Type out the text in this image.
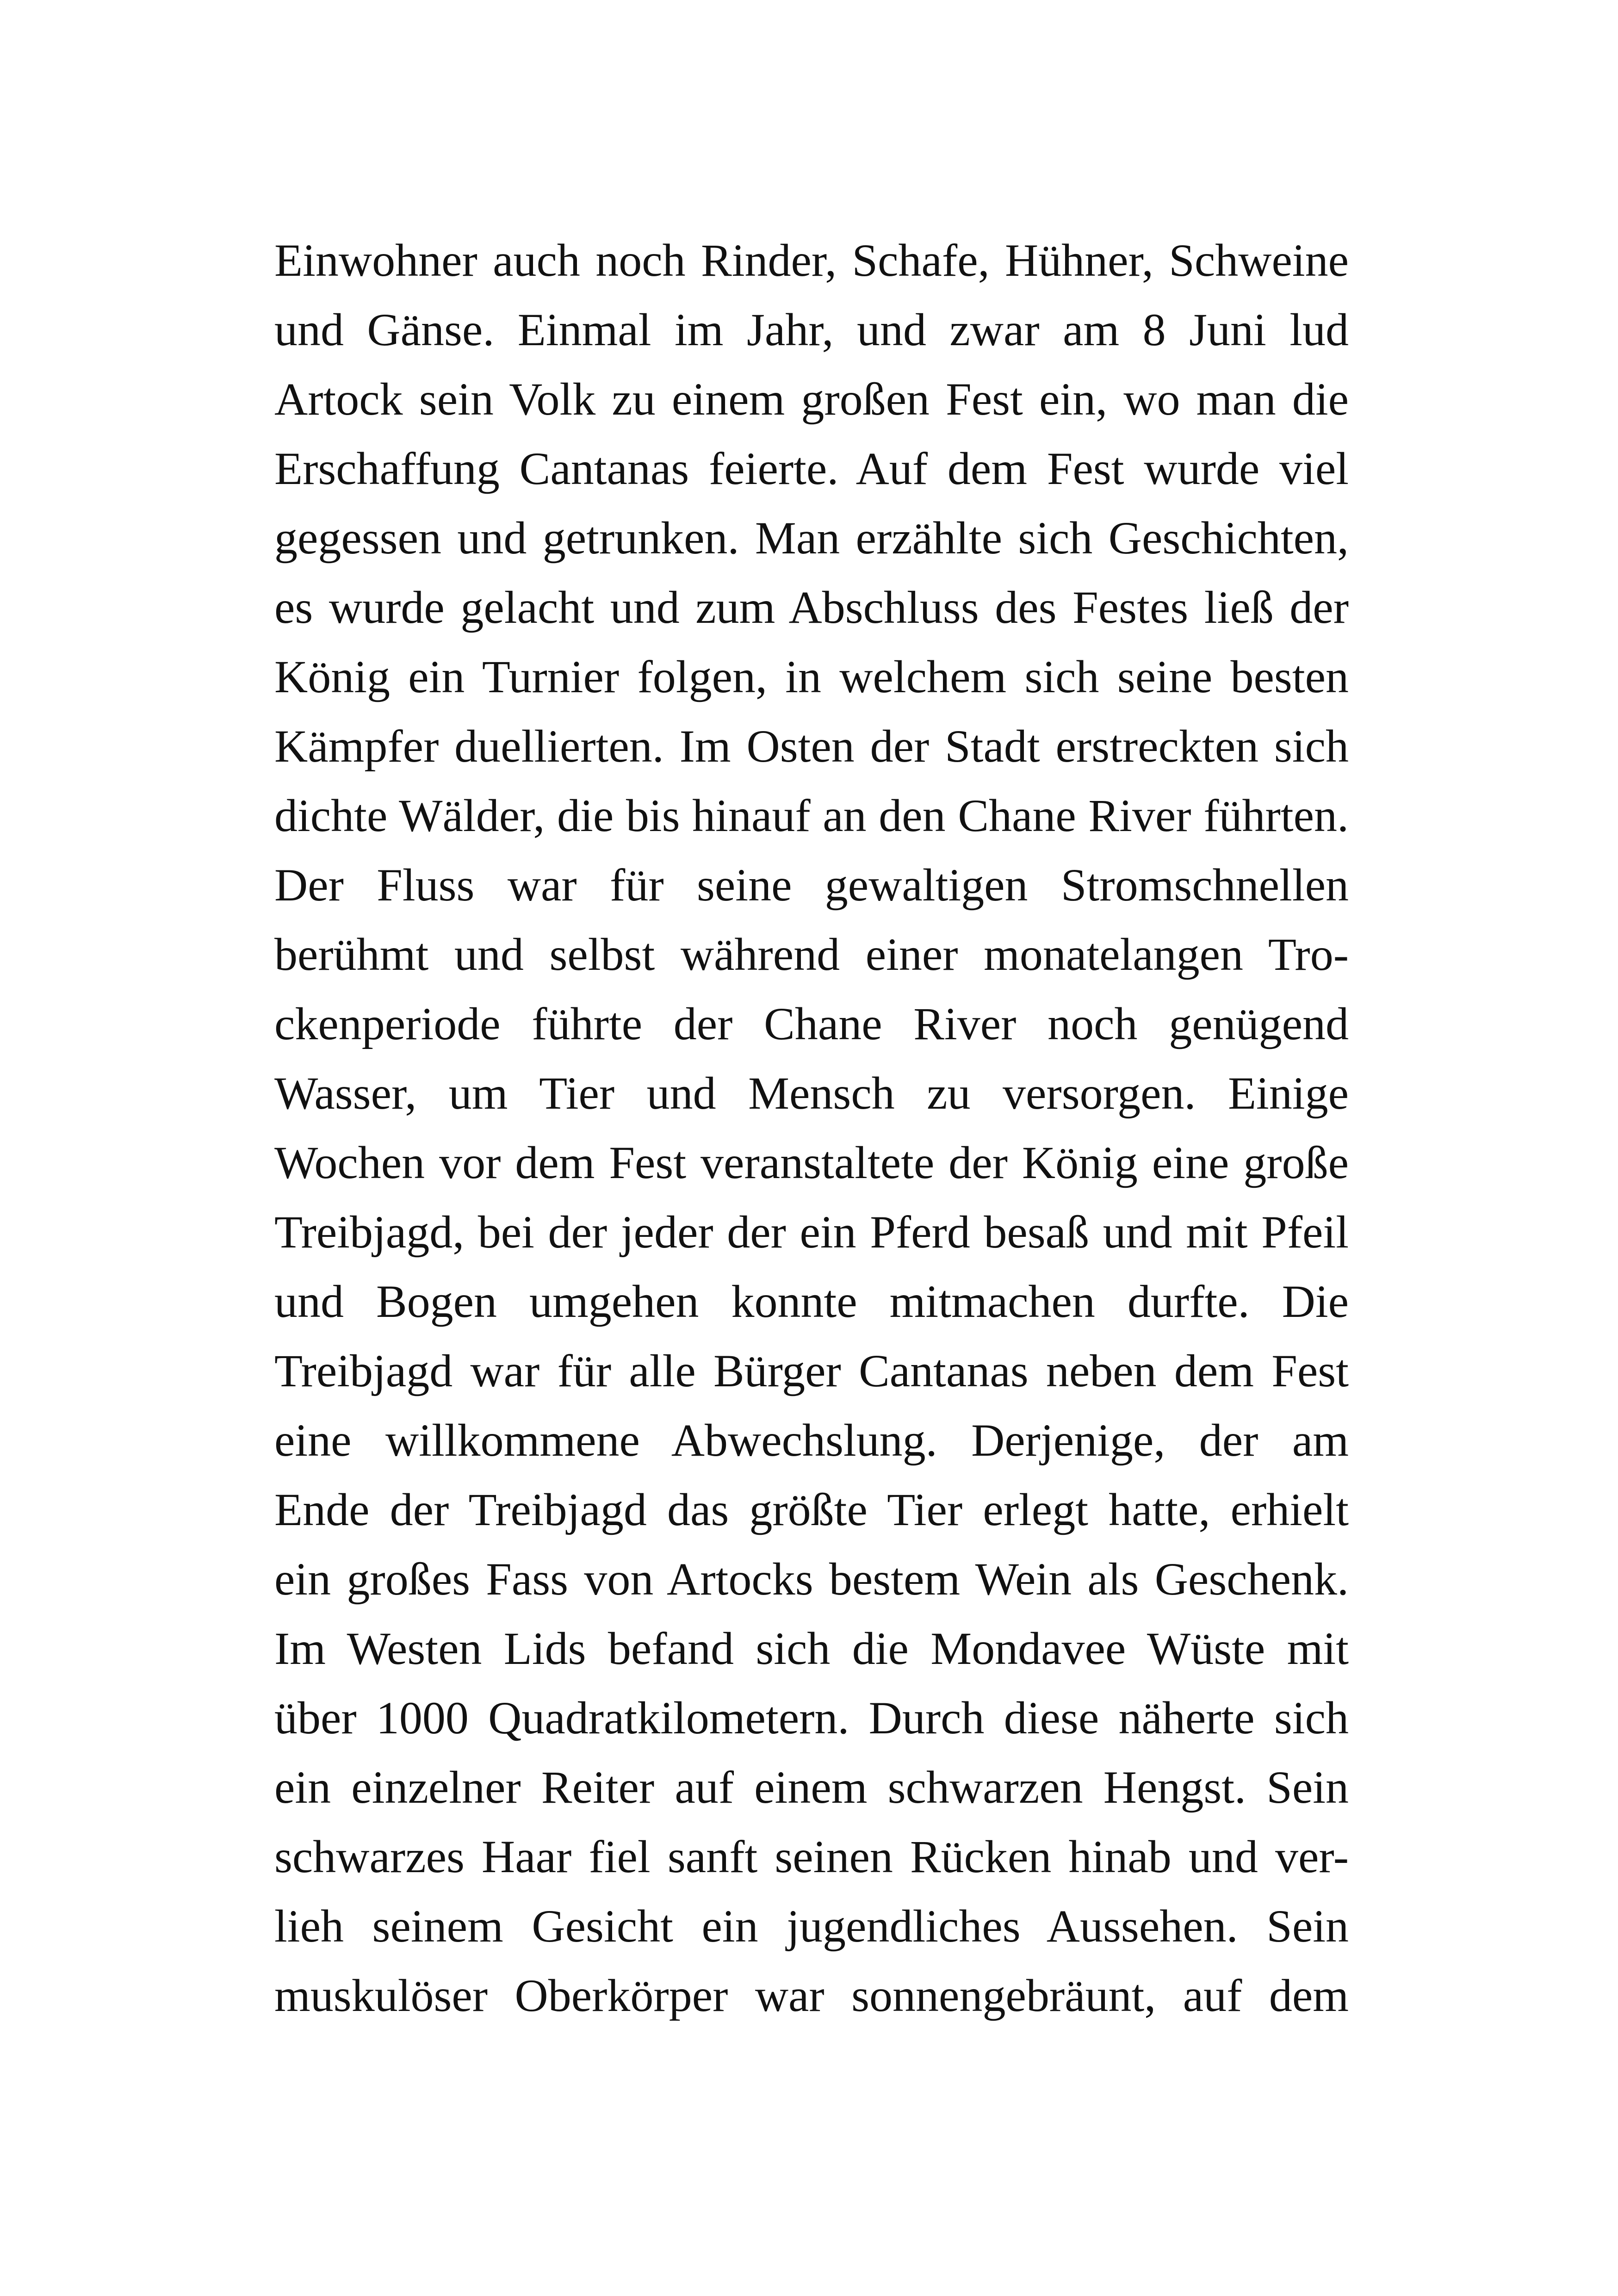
Einwohner auch noch Rinder, Schafe, Hühner, Schweine
und Gänse. Einmal im Jahr, und zwar am 8 Juni lud
Artock sein Volk zu einem großen Fest ein, wo man die
Erschaffung Cantanas feierte. Auf dem Fest wurde viel
gegessen und getrunken. Man erzählte sich Geschichten,
es wurde gelacht und zum Abschluss des Festes ließ der
König ein Turnier folgen, in welchem sich seine besten
Kämpfer duellierten. Im Osten der Stadt erstreckten sich
dichte Wälder, die bis hinauf an den Chane River führten.
Der Fluss war für seine gewaltigen Stromschnellen
berühmt und selbst während einer monatelangen Tro-
ckenperiode führte der Chane River noch genügend
Wasser, um Tier und Mensch zu versorgen. Einige
Wochen vor dem Fest veranstaltete der König eine große
Treibjagd, bei der jeder der ein Pferd besaß und mit Pfeil
und Bogen umgehen konnte mitmachen durfte. Die
Treibjagd war für alle Bürger Cantanas neben dem Fest
eine willkommene Abwechslung. Derjenige, der am
Ende der Treibjagd das größte Tier erlegt hatte, erhielt
ein großes Fass von Artocks bestem Wein als Geschenk.
Im Westen Lids befand sich die Mondavee Wüste mit
über 1000 Quadratkilometern. Durch diese näherte sich
ein einzelner Reiter auf einem schwarzen Hengst. Sein
schwarzes Haar fiel sanft seinen Rücken hinab und ver-
lieh seinem Gesicht ein jugendliches Aussehen. Sein
muskulöser Oberkörper war sonnengebräunt, auf dem
